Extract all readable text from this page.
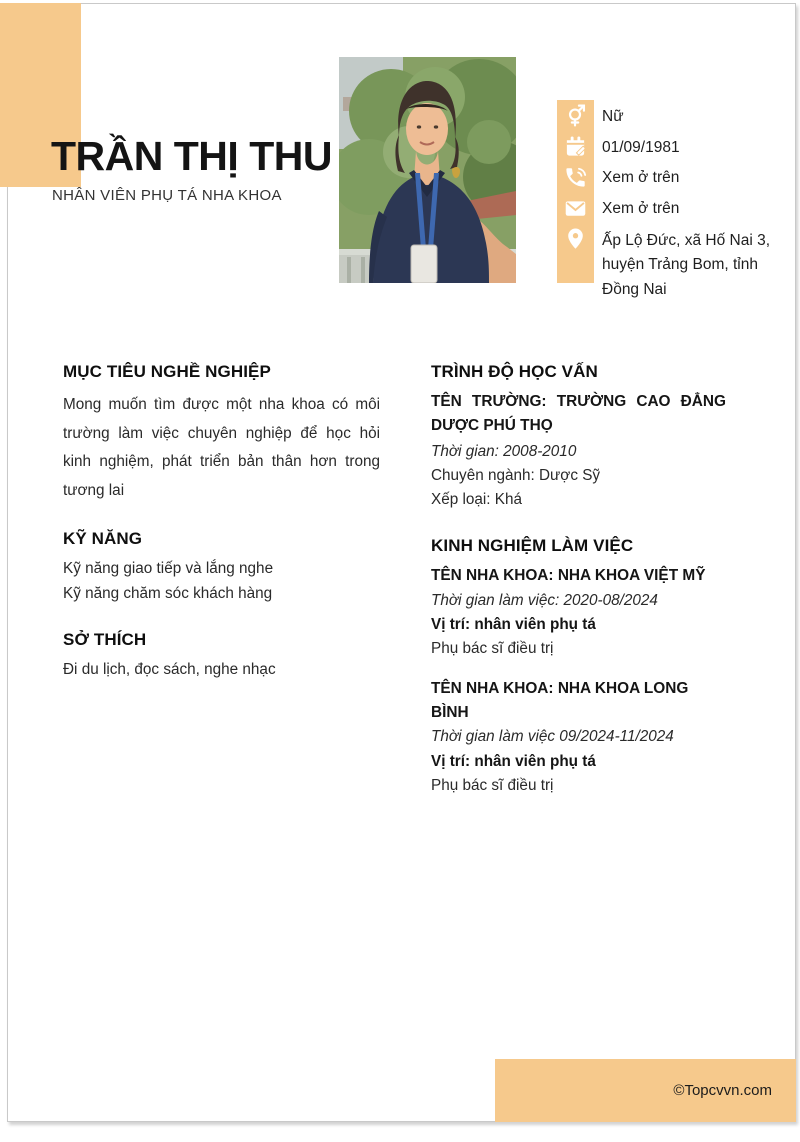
TRẦN THỊ THU
NHÂN VIÊN PHỤ TÁ NHA KHOA
Nữ
01/09/1981
Xem ở trên
Xem ở trên
Ấp Lộ Đức, xã Hố Nai 3, huyện Trảng Bom, tỉnh Đồng Nai
MỤC TIÊU NGHỀ NGHIỆP

Mong muốn tìm được một nha khoa có môi trường làm việc chuyên nghiệp để học hỏi kinh nghiệm, phát triển bản thân hơn trong tương lai

KỸ NĂNG
Kỹ năng giao tiếp và lắng nghe
Kỹ năng chăm sóc khách hàng
SỞ THÍCH
Đi du lịch, đọc sách, nghe nhạc
TRÌNH ĐỘ HỌC VẤN
TÊN TRƯỜNG: TRƯỜNG CAO ĐẲNG DƯỢC PHÚ THỌ
Thời gian: 2008-2010
Chuyên ngành: Dược Sỹ
Xếp loại: Khá
KINH NGHIỆM LÀM VIỆC
TÊN NHA KHOA: NHA KHOA VIỆT MỸ
Thời gian làm việc: 2020-08/2024
Vị trí: nhân viên phụ tá
Phụ bác sĩ điều trị
TÊN NHA KHOA: NHA KHOA LONG BÌNH
Thời gian làm việc 09/2024-11/2024
Vị trí: nhân viên phụ tá
Phụ bác sĩ điều trị
©Topcvvn.com
